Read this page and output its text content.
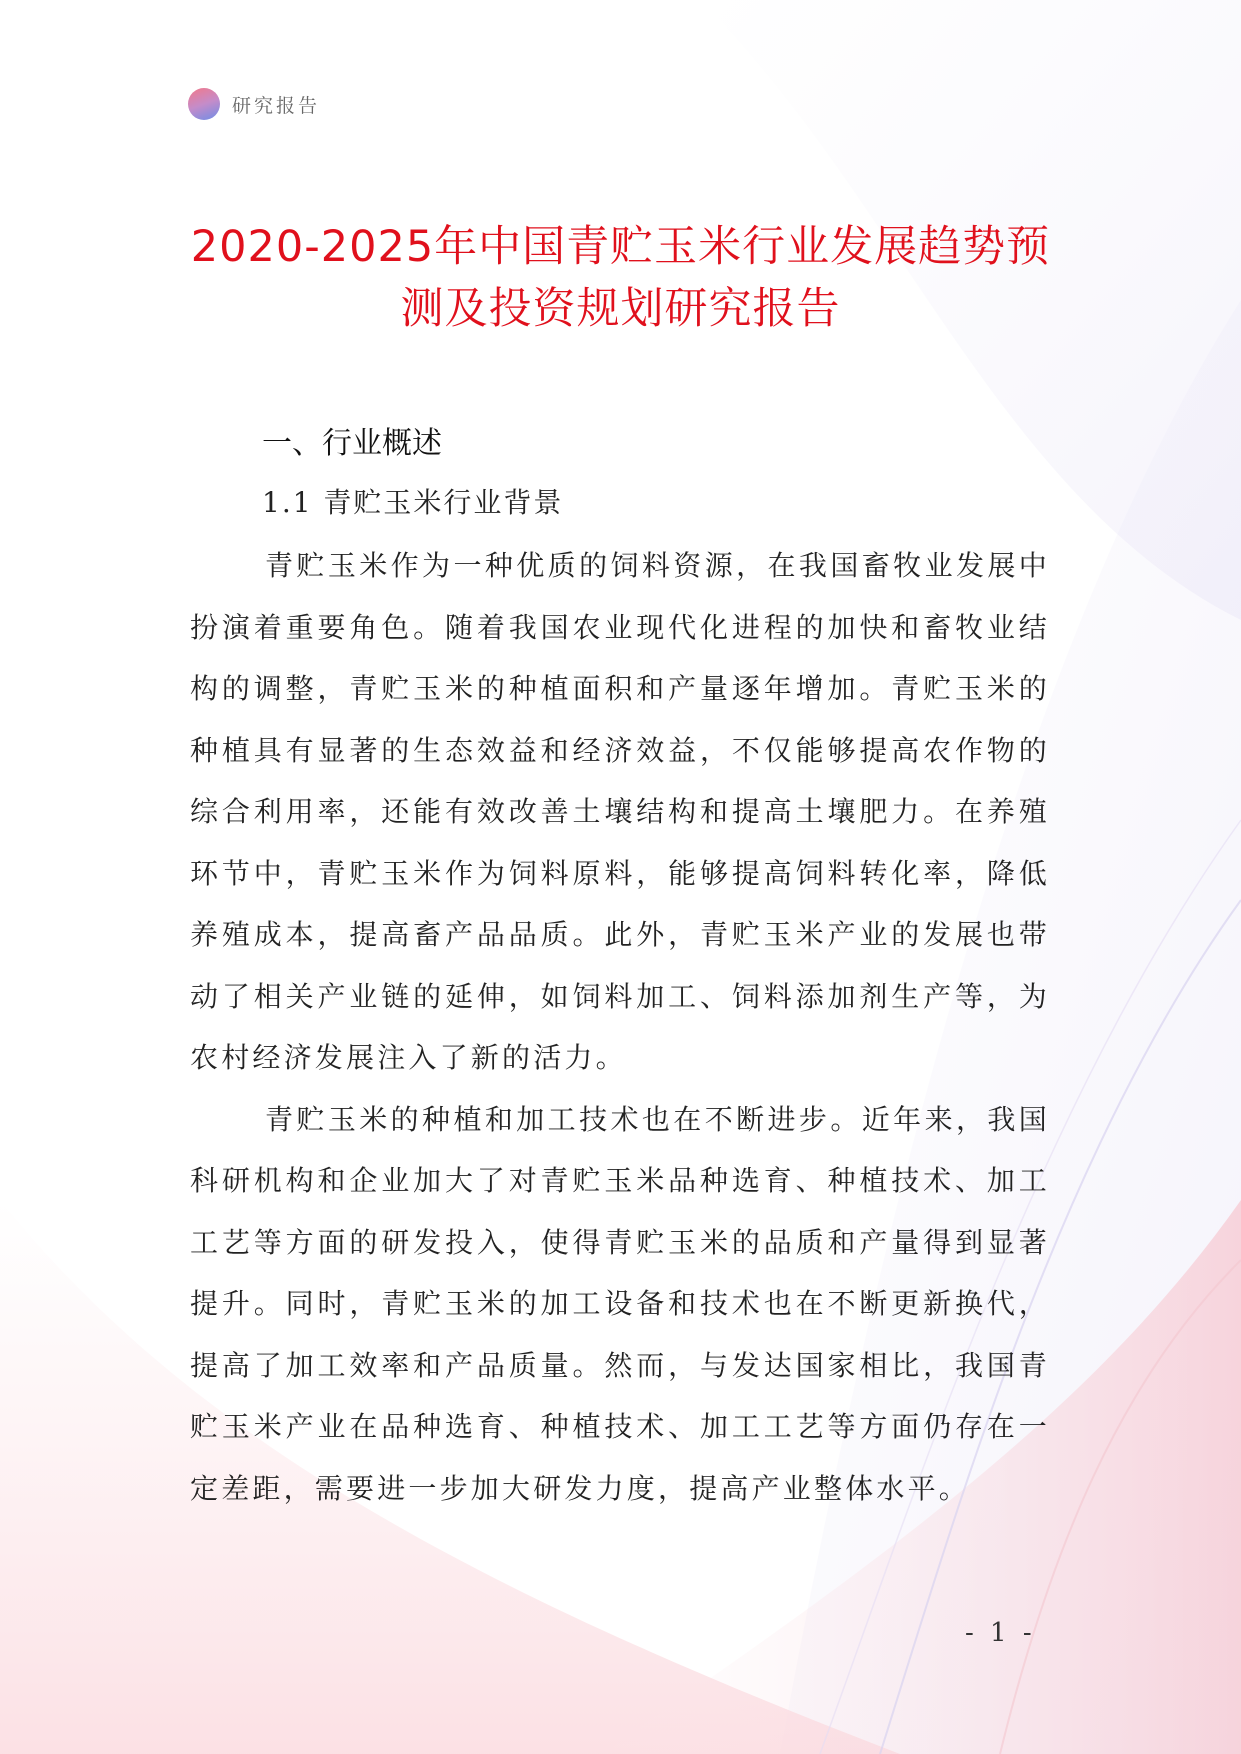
研究报告
2020-2025年中国青贮玉米行业发展趋势预
测及投资规划研究报告
一、行业概述
1.1 青贮玉米行业背景

青贮玉米作为一种优质的饲料资源，在我国畜牧业发展中扮演着重要角色。随着我国农业现代化进程的加快和畜牧业结构的调整，青贮玉米的种植面积和产量逐年增加。青贮玉米的种植具有显著的生态效益和经济效益，不仅能够提高农作物的综合利用率，还能有效改善土壤结构和提高土壤肥力。在养殖环节中，青贮玉米作为饲料原料，能够提高饲料转化率，降低养殖成本，提高畜产品品质。此外，青贮玉米产业的发展也带动了相关产业链的延伸，如饲料加工、饲料添加剂生产等，为农村经济发展注入了新的活力。

青贮玉米的种植和加工技术也在不断进步。近年来，我国科研机构和企业加大了对青贮玉米品种选育、种植技术、加工工艺等方面的研发投入，使得青贮玉米的品质和产量得到显著提升。同时，青贮玉米的加工设备和技术也在不断更新换代，提高了加工效率和产品质量。然而，与发达国家相比，我国青贮玉米产业在品种选育、种植技术、加工工艺等方面仍存在一定差距，需要进一步加大研发力度，提高产业整体水平。

- 1 -
